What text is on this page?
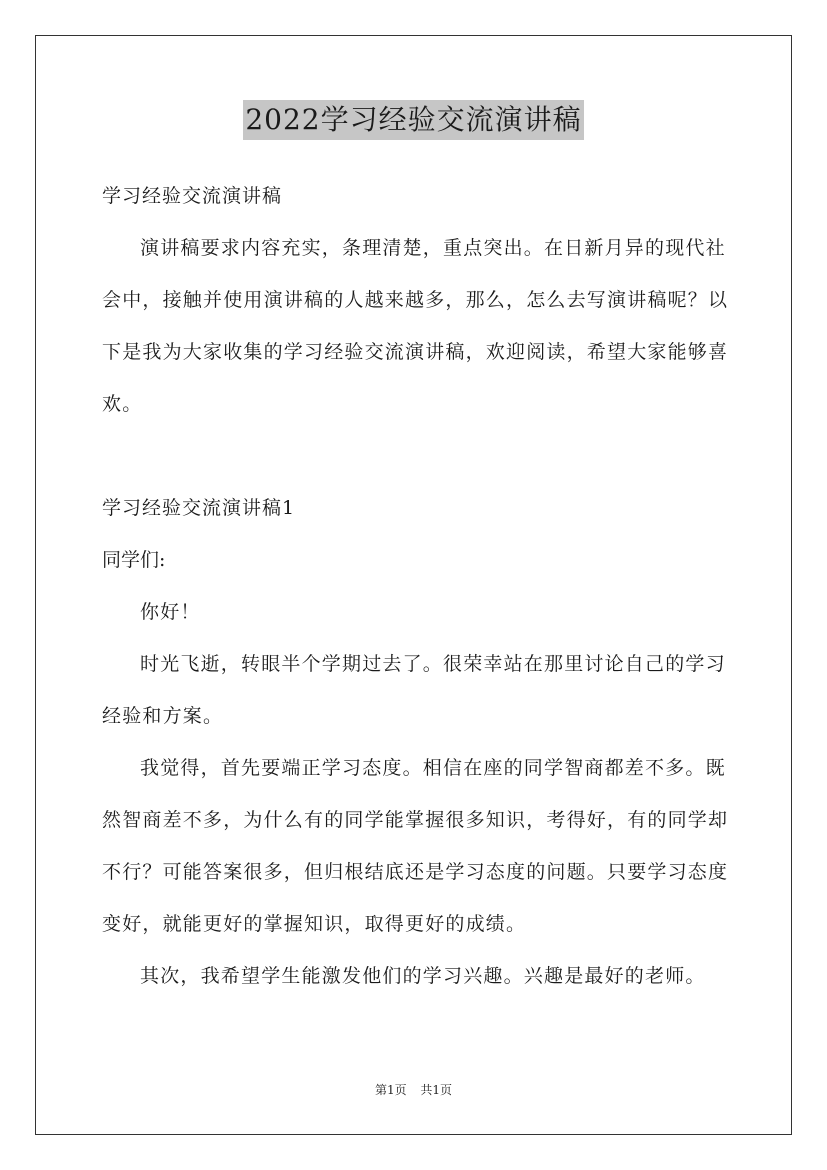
2022学习经验交流演讲稿

学习经验交流演讲稿

演讲稿要求内容充实，条理清楚，重点突出。在日新月异的现代社会中，接触并使用演讲稿的人越来越多，那么，怎么去写演讲稿呢？以下是我为大家收集的学习经验交流演讲稿，欢迎阅读，希望大家能够喜欢。

学习经验交流演讲稿1

同学们:

你好！

时光飞逝，转眼半个学期过去了。很荣幸站在那里讨论自己的学习经验和方案。

我觉得，首先要端正学习态度。相信在座的同学智商都差不多。既然智商差不多，为什么有的同学能掌握很多知识，考得好，有的同学却不行？可能答案很多，但归根结底还是学习态度的问题。只要学习态度变好，就能更好的掌握知识，取得更好的成绩。

其次，我希望学生能激发他们的学习兴趣。兴趣是最好的老师。

第1页 共1页
